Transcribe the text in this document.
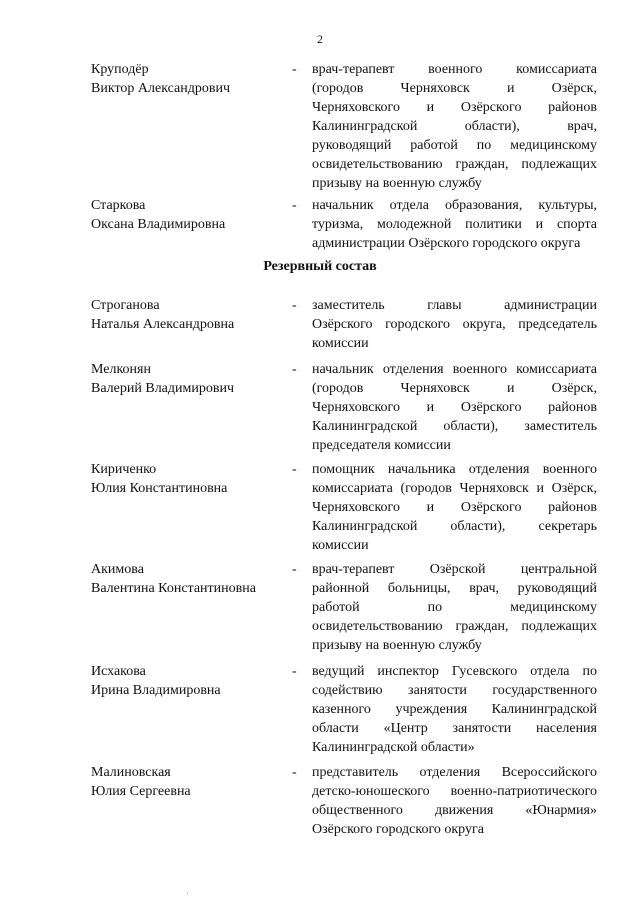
2
Резервный состав
Круподёр
Виктор Александрович
- врач-терапевт военного комиссариата
(городов Черняховск и Озёрск,
Черняховского и Озёрского районов
Калининградской области), врач,
руководящий работой по медицинскому
освидетельствованию граждан, подлежащих
призыву на военную службу
Старкова
Оксана Владимировна
- начальник отдела образования, культуры,
туризма, молодежной политики и спорта
администрации Озёрского городского округа
Строганова
Наталья Александровна
- заместитель главы администрации
Озёрского городского округа, председатель
комиссии
Мелконян
Валерий Владимирович
- начальник отделения военного комиссариата
(городов Черняховск и Озёрск,
Черняховского и Озёрского районов
Калининградской области), заместитель
председателя комиссии
Кириченко
Юлия Константиновна
- помощник начальника отделения военного
комиссариата (городов Черняховск и Озёрск,
Черняховского и Озёрского районов
Калининградской области), секретарь
комиссии
Акимова
Валентина Константиновна
- врач-терапевт Озёрской центральной
районной больницы, врач, руководящий
работой по медицинскому
освидетельствованию граждан, подлежащих
призыву на военную службу
Исхакова
Ирина Владимировна
- ведущий инспектор Гусевского отдела по
содействию занятости государственного
казенного учреждения Калининградской
области «Центр занятости населения
Калининградской области»
Малиновская
Юлия Сергеевна
- представитель отделения Всероссийского
детско-юношеского военно-патриотического
общественного движения «Юнармия»
Озёрского городского округа
·
